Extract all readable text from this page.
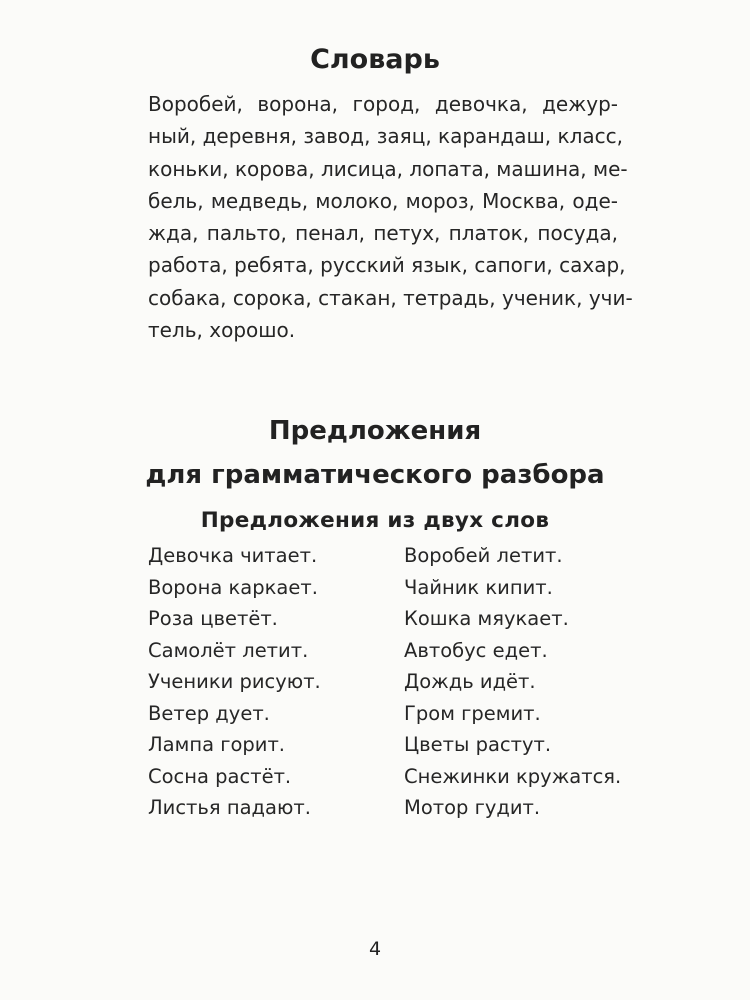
Словарь
Воробей, ворона, город, девочка, дежур-
ный, деревня, завод, заяц, карандаш, класс,
коньки, корова, лисица, лопата, машина, ме-
бель, медведь, молоко, мороз, Москва, оде-
жда, пальто, пенал, петух, платок, посуда,
работа, ребята, русский язык, сапоги, сахар,
собака, сорока, стакан, тетрадь, ученик, учи-
тель, хорошо.
Предложения
для грамматического разбора
Предложения из двух слов
Девочка читает.
Ворона каркает.
Роза цветёт.
Самолёт летит.
Ученики рисуют.
Ветер дует.
Лампа горит.
Сосна растёт.
Листья падают.
Воробей летит.
Чайник кипит.
Кошка мяукает.
Автобус едет.
Дождь идёт.
Гром гремит.
Цветы растут.
Снежинки кружатся.
Мотор гудит.
4
